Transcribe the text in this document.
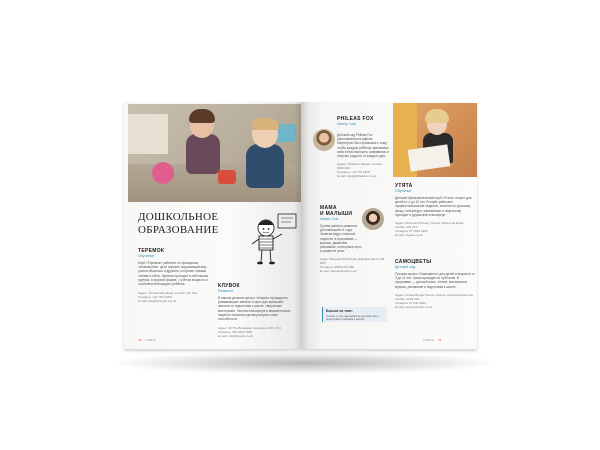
ДОШКОЛЬНОЕ
ОБРАЗОВАНИЕ
ТЕРЕМОК
Обучение
Клуб «Теремок» работает по принципам «знакомства», дети изучают окружающий мир, учатся общаться и дружить, получают навыки чтения и счёта. Занятия проходят в небольших группах, в игровой форме, с учётом возраста и особенностей каждого ребёнка.
Адрес: 10 Harrowby Road, London, W1 6HL
Телефон: +44 7874 4567
E-mail: info@teremok.org.uk
КЛУВОК
Развитие
В нашем детском центре «Клувок» проводятся развивающие занятия и игры для малышей, занятия по подготовке к школе, творческие мастерские. Уютная атмосфера и внимательные педагоги помогают детям раскрыть свои способности.
Адрес: 46 The Broadway, Hounslow, WA7 4TH
Телефон: 020 3444 7890
E-mail: info@kluvok.co.uk
78 ГАЗЕТА	ГАЗЕТА 79
PHILEAS FOX
Nanny Care
Детский сад Phileas Fox располагается в районе Маунтгров. Мы стремимся к тому, чтобы каждый ребёнок чувствовал себя в безопасности, развивался и получал радость от каждого дня.
Адрес: 78 Mount Square, London, NW3 6HF
Телефон: +44 775 3345
E-mail: info@phileasfox.co.uk
МАМА
И МАЛЫШИ
Мамы Club
Группа раннего развития для малышей от года. Занятия ведут опытные педагоги, в программе — музыка, движение, рисование, сенсорные игры и развитие речи.
Адрес: Bluewell SG2 Road, Highgate Wood, N8 6FR
Телефон: 07840 213 880
E-mail: mamamalyshi.co.uk
Больше по теме:
Статьи о том, как выбрать детский сад и подготовить ребёнка к школе
УТЯТА
Обучение
Детский образовательный клуб «Утята» открыт для детей от 4 до 10 лет. В клубе работают профессиональные педагоги, занятия по русскому языку, литературе, математике и творчеству проходят в дружеской атмосфере.
Адрес: Richmond Primary School, Richmond Road, London, W5 7KS
Телефон: 07 7894 3456
E-mail: utyata.org.uk
САМОЦВЕТЫ
Детский сад
Русская школа «Самоцветы» для детей в возрасте от 3 до 11 лет. Уроки проходят по субботам. В программе — русский язык, чтение, математика, музыка, рисование и подготовка к школе.
Адрес: Cricket Bridge Primary School, Hampstead Avenue, London, W1H 2LE
Телефон: 07 844 4532
E-mail: gemsnetworks.co.uk
